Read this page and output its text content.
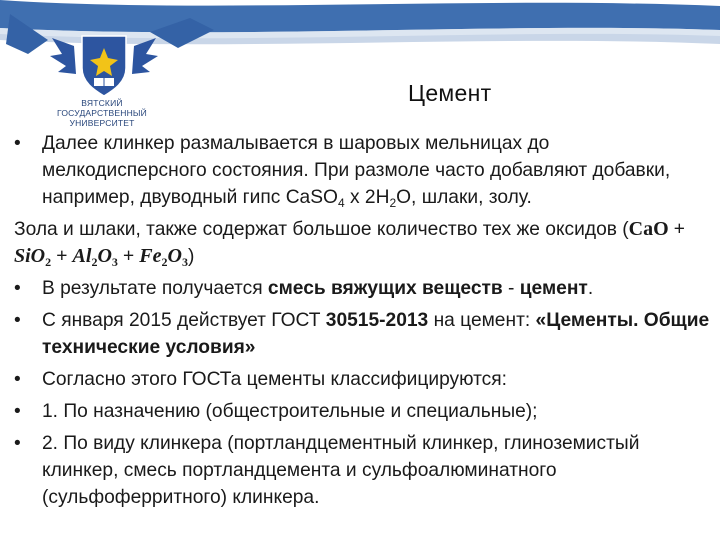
ВЯТСКИЙ
ГОСУДАРСТВЕННЫЙ
УНИВЕРСИТЕТ
Цемент
• Далее клинкер размалывается в шаровых мельницах до мелкодисперсного состояния. При размоле часто добавляют добавки, например, двуводный гипс CaSO$_4$ x $2H_2O$, шлаки, золу.
Зола и шлаки, также содержат большое количество тех же оксидов $(CaO + SiO_2 + Al_2O_3 + Fe_2O_3)$
• В результате получается смесь вяжущих веществ - цемент.
• С января 2015 действует ГОСТ 30515-2013 на цемент: «Цементы. Общие технические условия»
• Согласно этого ГОСТа цементы классифицируются:
• 1. По назначению (общестроительные и специальные);
• 2. По виду клинкера (портландцементный клинкер, глиноземистый клинкер, смесь портландцемента и сульфоалюминатного (сульфоферритного) клинкера.
